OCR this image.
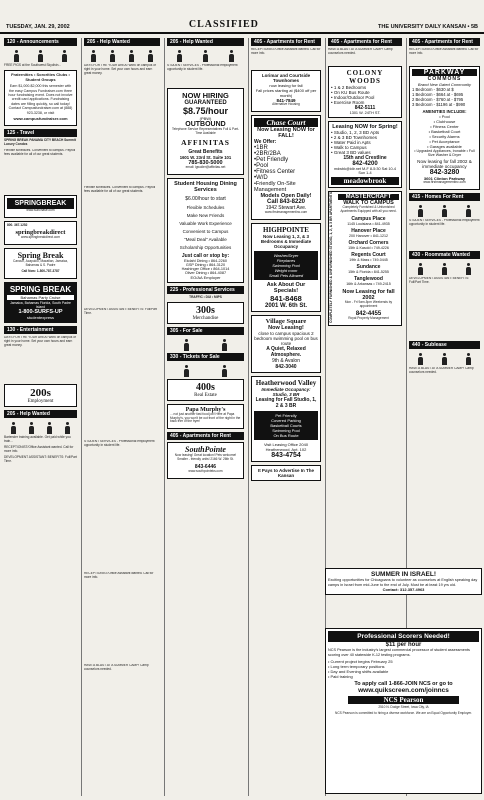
TUESDAY, JAN. 29, 2002	CLASSIFIED	THE UNIVERSITY DAILY KANSAN • 5B
120 - Announcements

FREE PIGS at the Southwest Skydivin...

Fraternities • Sororities Clubs • Student Groups
Earn $1,000-$2,000 this semester with the easy Campus Fundraiser.com three hour fundraising event. Does not involve credit card applications. Fundraising dates are filling quickly, so call today! Contact Campusfundraiser.com at (888) 923-3238, or visit
www.campusfundraiser.com
125 - Travel

SPRING BREAK PANAMA CITY BEACH Summit Luxury Condos

Flexible schedules. Convenient to campus. Payroll fees available for all of our great students.

SPRINGBREAK
www.sunchase.com
800. 367.1252
springbreakdirect
www.springbreakdirect.com
Spring Break
Cancun, Acapulco, Mazatlan, Jamaica, Bahamas & S. Padre
Call Now: 1-800-787-3787
SPRING BREAK
Bahamas Party Cruise
Jamaica, Bahamas Florida, South Padre Island
1-800-SURFS-UP
studentexpress
130 - Entertainment

DAYS FOR THE YOUR AREA! Work on campus or right in your home. Set your own hours and earn great money.

200s
Employment
205 - Help Wanted

Bartender training available. Get paid while you train...

RECEPTIONIST/Office Assistant wanted. Call for more info.

DEVELOPMENT ASSISTANT: BENEFITS: Full/Part Time.

205 - Help Wanted

DAYS FOR THE YOUR AREA! Work on campus or right in your home. Set your own hours and earn great money.

Flexible schedules. Convenient to campus. Payroll fees available for all of our great students.

DEVELOPMENT ASSISTANT: BENEFITS: Full/Part Time.

STUDENT SERVICES - Professional employment opportunity in student life.

RECEPTIONIST/Office Assistant wanted. Call for more info.

HAVE A BLAST AT A SUMMER CAMP! Camp counselors needed.

205 - Help Wanted

STUDENT SERVICES - Professional employment opportunity in student life.

NOW HIRING
GUARANTEED
$8.75/hour
(PBW)
OUTBOUND
Telephone Service Representatives Full & Part-Time Available
AFFINITAS
Great Benefits
1601 W. 23rd St. Suite 101
785-830-5000
email: lgwoiler@affinitas.net
Student Housing Dining Services
$6.00/hour to start
Flexible Schedules
Make New Friends
Valuable Work Experience
Convenient to Campus
"Meal Deal" Available
Scholarship Opportunities
Just call or stop by:
Ekdahl Dining • 864-2260
GSP Dining • 864-3120
Hashinger Office • 864-1014
Oliver Dining • 864-4087
EO/AA Employer
225 - Professional Services
TRAFFIC • DUI • MIPS
300s
Merchandise
305 - For Sale
330 - Tickets for Sale
400s
Real Estate
Papa Murphy's
... not just another fast food job! Here at Papa Murphy's, you won't be out front of the night in the back frier of the fryer!
405 - Apartments for Rent
SouthPointe
Now leasing! Great location! Pets welcome! Smaller - friendly units! 2166 W. 26th St.
843-6446
www.southpointeks.com
405 - Apartments for Rent

RECEPTIONIST/Office Assistant wanted. Call for more info.

Lorimar and Courtside Townhomes
now leasing for fall
Fall prices starting at ($400 off per month)
841-7849
Alternative Housing
Chase Court
Now Leasing NOW for FALL!
We Offer:
•1BR
•2BR/2BA
•Pet Friendly
•Pool
•Fitness Center
•W/D
•Friendly On-Site Management
Models Open Daily!
Call 843-8220
1942 Stewart Ave.
www.firstmanagementinc.com
HIGHPOINTE
Now Leasing 1, 2, & 3 Bedrooms & Immediate Occupancy
Washer/Dryer
Fireplaces
Swimming Pool
Weight room
Small Pets Allowed
Ask About Our Specials!
841-8468
2001 W. 6th St.
Village Square
Now Leasing!
close to campus spacious 2 bedroom swimming pool on bus route
A Quiet, Relaxed Atmosphere.
9th & Avalon
842-3040
Heatherwood Valley
Immediate Occupancy: Studio, 3 BR
Leasing for Fall Studio, 1, 2 & 3 BR
Pet Friendly
Covered Parking
Basketball Courts
Swimming Pool
On Bus Route
Visit Leasing Office 2040 Heatherwood, Apt. 102
843-4754
It Pays to Advertise In The Kansan
405 - Apartments for Rent

HAVE A BLAST AT A SUMMER CAMP! Camp counselors needed.

COLONY WOODS
• 1 & 2 Bedrooms
• On KU Bus Route
• Indoor/Outdoor Pool
• Exercise Room
842-5111
1301 W. 24TH ST.
Leasing NOW for Spring!
• Studio, 1, 2, 3 BD Apts
• 2 & 3 BD Townhomes
• Water Paid in Apts
• Walk to Campus
• Great 3 BD values
15th and Crestline
842-4200
mdwbk@idir.net M-F 8-5:30 Sat 10-4 Sun 1-4
meadowbrook
COMPLETELY FURNISHED & UNFURNISHED STUDIO, 1, 2, & 3 BR APARTMENTS	MASTERCRAFT
WALK TO CAMPUS
Completely Furnished & Unfurnished Apartments Equipped with all you need.
Campus Place
1145 Louisiana • 841-4935
Hanover Place
200 Hanover • 841-1212
Orchard Corners
15th & Kasold • 749-4226
Regents Court
19th & Mass • 749-0445
Sundance
15th & Florida • 841-5255
Tanglewood
16th & Arkansas • 749-2415
Now Leasing for fall 2002
Mon - Fri 9am-5pm Weekends by appointment
842-4455
Royal Property Management
405 - Apartments for Rent

RECEPTIONIST/Office Assistant wanted. Call for more info.

PARKWAY
COMMONS
Brand New Gated Community
1 Bedroom - $630 at $
1 Bedroom - $664 at - $695
2 Bedroom - $760 at - $795
3 Bedroom - $1196 at - $990
AMENITIES INCLUDE:
• Pool
• Clubhouse
• Fitness Center
• Basketball Court
• Security Alarms
• Pet Acceptance
• Garages available
• Upgraded Appliances, Ironable • Full Size Washer & Dryer
Now leasing for fall 2002 & immediate occupancy
842-3280
3601 Clinton Parkway
www.firstmanagementinc.com
415 - Homes For Rent

STUDENT SERVICES - Professional employment opportunity in student life.

430 - Roommate Wanted

DEVELOPMENT ASSISTANT: BENEFITS: Full/Part Time.

440 - Sublease

HAVE A BLAST AT A SUMMER CAMP! Camp counselors needed.

SUMMER IN ISRAEL!
Exciting opportunities for Chicagoans to volunteer as counselors at English speaking day camps in Israel from mid-June to the end of July. Must be at least 19 yrs old.
Contact: 312.357.4963
Professional Scorers Needed!
$11 per hour
NCS Pearson is the industry's largest commercial processor of student assessments scoring over 40 statewide K-12 testing programs.
• Current project begins February 25
• Long term temporary positions
• Day and Evening shifts available
• Paid training
To apply call 1-866-JOIN NCS or go to
www.quikscreen.com/joinncs
NCS Pearson
2510 N. Dodge Street, Iowa City, IA
NCS Pearson is committed to hiring a diverse workforce. We are an Equal Opportunity Employer.
